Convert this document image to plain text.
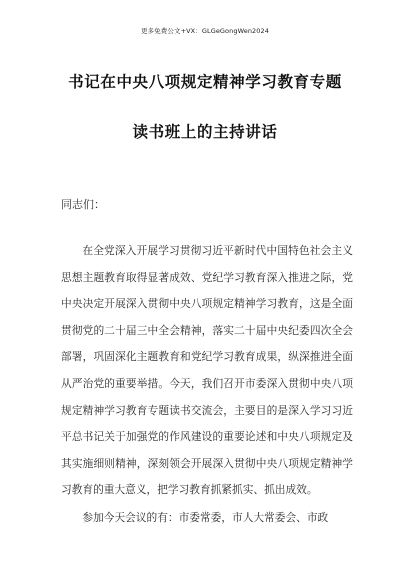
更多免费公文+VX：GLGeGongWen2024
书记在中央八项规定精神学习教育专题
读书班上的主持讲话
同志们：

在全党深入开展学习贯彻习近平新时代中国特色社会主义思想主题教育取得显著成效、党纪学习教育深入推进之际，党中央决定开展深入贯彻中央八项规定精神学习教育，这是全面贯彻党的二十届三中全会精神，落实二十届中央纪委四次全会部署，巩固深化主题教育和党纪学习教育成果，纵深推进全面从严治党的重要举措。今天，我们召开市委深入贯彻中央八项规定精神学习教育专题读书交流会，主要目的是深入学习习近平总书记关于加强党的作风建设的重要论述和中央八项规定及其实施细则精神，深刻领会开展深入贯彻中央八项规定精神学习教育的重大意义，把学习教育抓紧抓实、抓出成效。

参加今天会议的有：市委常委，市人大常委会、市政
